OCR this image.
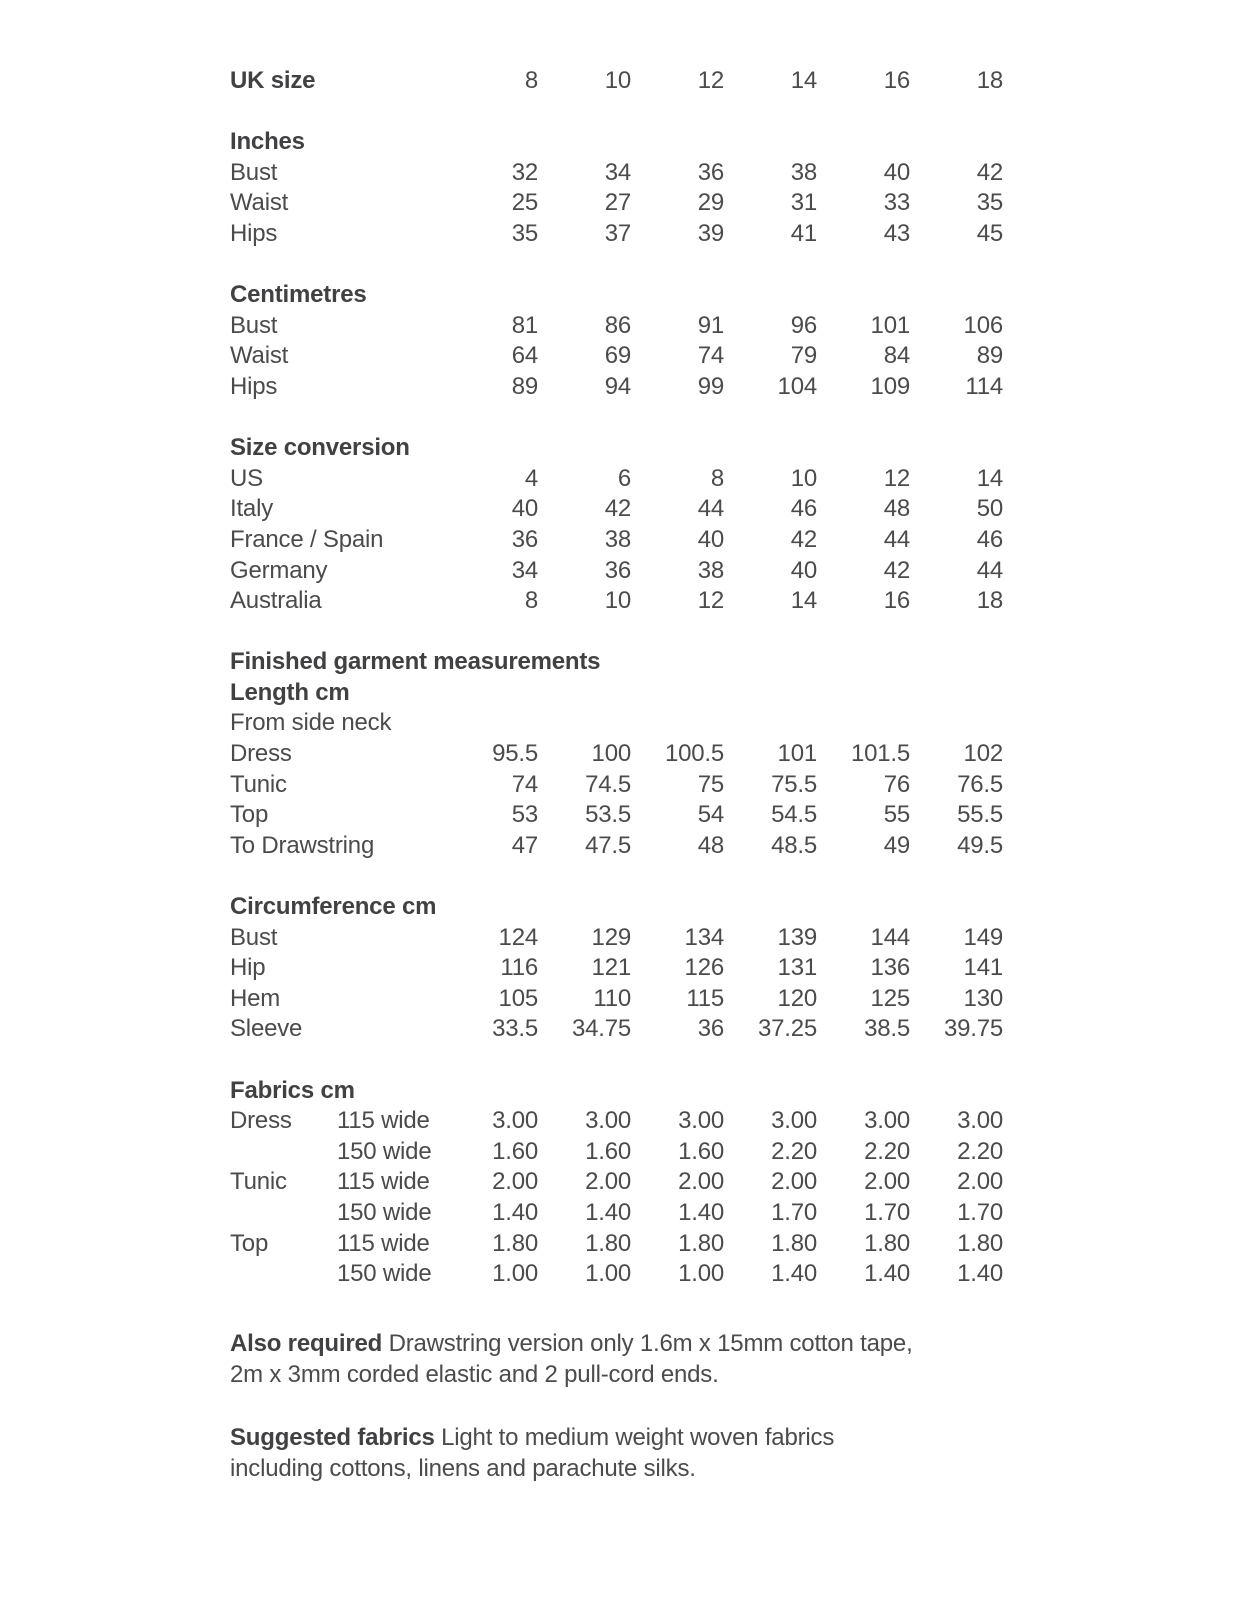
UK size	8	10	12	14	16	18
Inches
Bust	32	34	36	38	40	42
Waist	25	27	29	31	33	35
Hips	35	37	39	41	43	45
Centimetres
Bust	81	86	91	96	101	106
Waist	64	69	74	79	84	89
Hips	89	94	99	104	109	114
Size conversion
US	4	6	8	10	12	14
Italy	40	42	44	46	48	50
France / Spain	36	38	40	42	44	46
Germany	34	36	38	40	42	44
Australia	8	10	12	14	16	18
Finished garment measurements
Length cm
From side neck
Dress	95.5	100	100.5	101	101.5	102
Tunic	74	74.5	75	75.5	76	76.5
Top	53	53.5	54	54.5	55	55.5
To Drawstring	47	47.5	48	48.5	49	49.5
Circumference cm
Bust	124	129	134	139	144	149
Hip	116	121	126	131	136	141
Hem	105	110	115	120	125	130
Sleeve	33.5	34.75	36	37.25	38.5	39.75
Fabrics cm
Dress	115 wide	3.00	3.00	3.00	3.00	3.00	3.00
150 wide	1.60	1.60	1.60	2.20	2.20	2.20
Tunic	115 wide	2.00	2.00	2.00	2.00	2.00	2.00
150 wide	1.40	1.40	1.40	1.70	1.70	1.70
Top	115 wide	1.80	1.80	1.80	1.80	1.80	1.80
150 wide	1.00	1.00	1.00	1.40	1.40	1.40

Also required Drawstring version only 1.6m x 15mm cotton tape,
2m x 3mm corded elastic and 2 pull-cord ends.

Suggested fabrics Light to medium weight woven fabrics
including cottons, linens and parachute silks.
